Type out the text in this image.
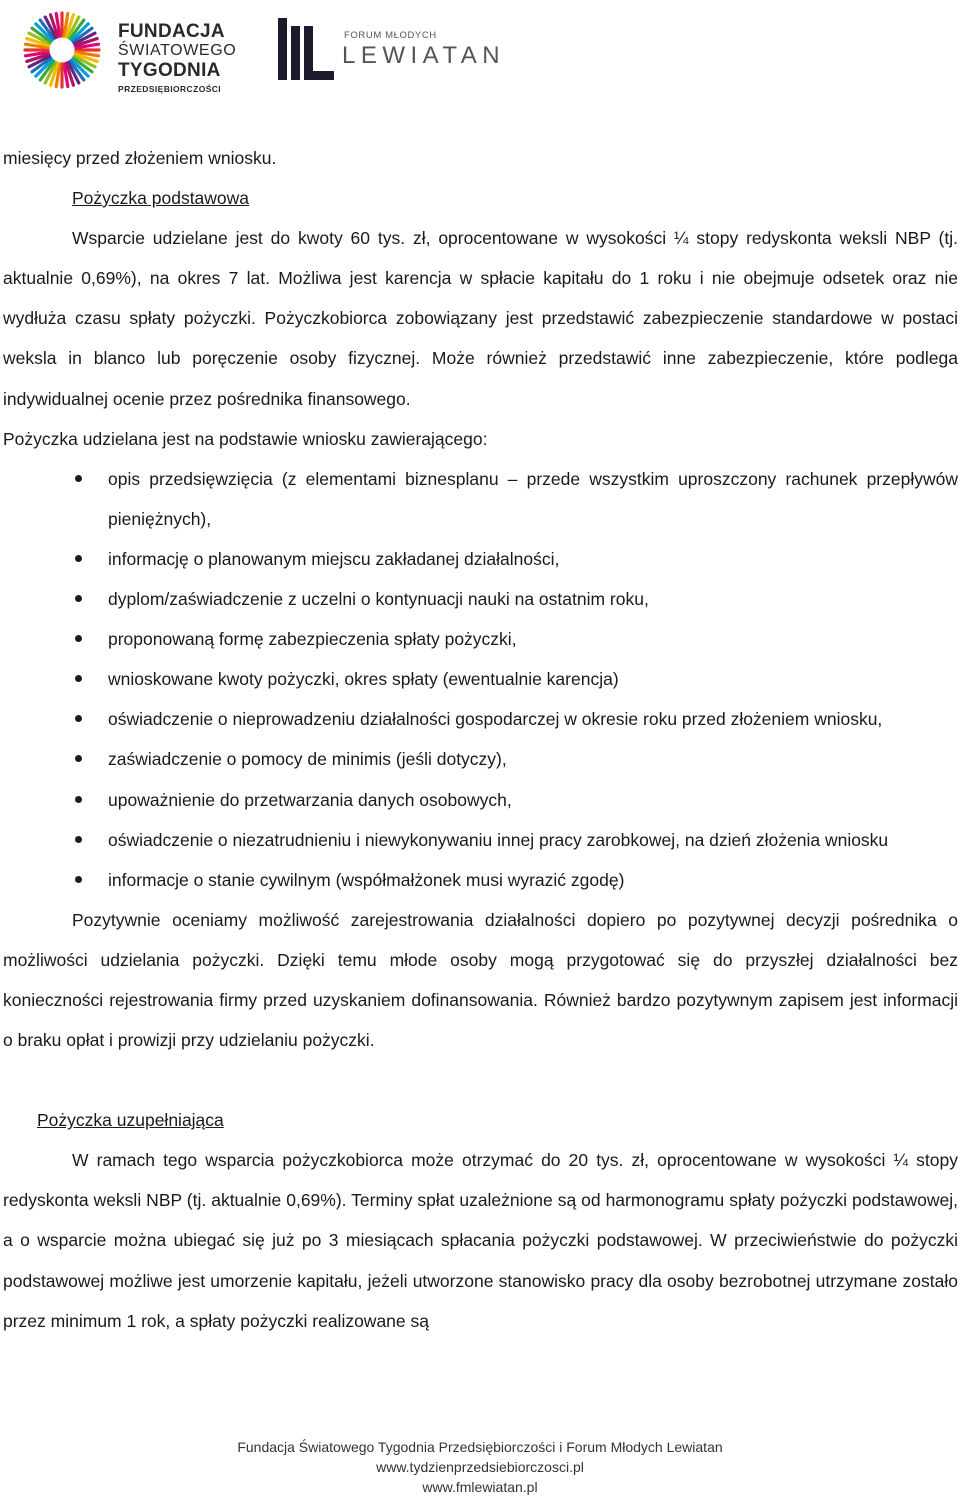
FUNDACJA
ŚWIATOWEGO
TYGODNIA
PRZEDSIĘBIORCZOŚCI
FORUM MŁODYCH
LEWIATAN

miesięcy przed złożeniem wniosku.

Pożyczka podstawowa

Wsparcie udzielane jest do kwoty 60 tys. zł, oprocentowane w wysokości ¼ stopy redyskonta weksli NBP (tj. aktualnie 0,69%), na okres 7 lat. Możliwa jest karencja w spłacie kapitału do 1 roku i nie obejmuje odsetek oraz nie wydłuża czasu spłaty pożyczki. Pożyczkobiorca zobowiązany jest przedstawić zabezpieczenie standardowe w postaci weksla in blanco lub poręczenie osoby fizycznej. Może również przedstawić inne zabezpieczenie, które podlega indywidualnej ocenie przez pośrednika finansowego.

Pożyczka udzielana jest na podstawie wniosku zawierającego:

opis przedsięwzięcia (z elementami biznesplanu – przede wszystkim uproszczony rachunek przepływów pieniężnych),
informację o planowanym miejscu zakładanej działalności,
dyplom/zaświadczenie z uczelni o kontynuacji nauki na ostatnim roku,
proponowaną formę zabezpieczenia spłaty pożyczki,
wnioskowane kwoty pożyczki, okres spłaty (ewentualnie karencja)
oświadczenie o nieprowadzeniu działalności gospodarczej w okresie roku przed złożeniem wniosku,
zaświadczenie o pomocy de minimis (jeśli dotyczy),
upoważnienie do przetwarzania danych osobowych,
oświadczenie o niezatrudnieniu i niewykonywaniu innej pracy zarobkowej, na dzień złożenia wniosku
informacje o stanie cywilnym (współmałżonek musi wyrazić zgodę)

Pozytywnie oceniamy możliwość zarejestrowania działalności dopiero po pozytywnej decyzji pośrednika o możliwości udzielania pożyczki. Dzięki temu młode osoby mogą przygotować się do przyszłej działalności bez konieczności rejestrowania firmy przed uzyskaniem dofinansowania. Również bardzo pozytywnym zapisem jest informacji o braku opłat i prowizji przy udzielaniu pożyczki.

Pożyczka uzupełniająca

W ramach tego wsparcia pożyczkobiorca może otrzymać do 20 tys. zł, oprocentowane w wysokości ¼ stopy redyskonta weksli NBP (tj. aktualnie 0,69%). Terminy spłat uzależnione są od harmonogramu spłaty pożyczki podstawowej, a o wsparcie można ubiegać się już po 3 miesiącach spłacania pożyczki podstawowej. W przeciwieństwie do pożyczki podstawowej możliwe jest umorzenie kapitału, jeżeli utworzone stanowisko pracy dla osoby bezrobotnej utrzymane zostało przez minimum 1 rok, a spłaty pożyczki realizowane są

Fundacja Światowego Tygodnia Przedsiębiorczości i Forum Młodych Lewiatan
www.tydzienprzedsiebiorczosci.pl
www.fmlewiatan.pl
